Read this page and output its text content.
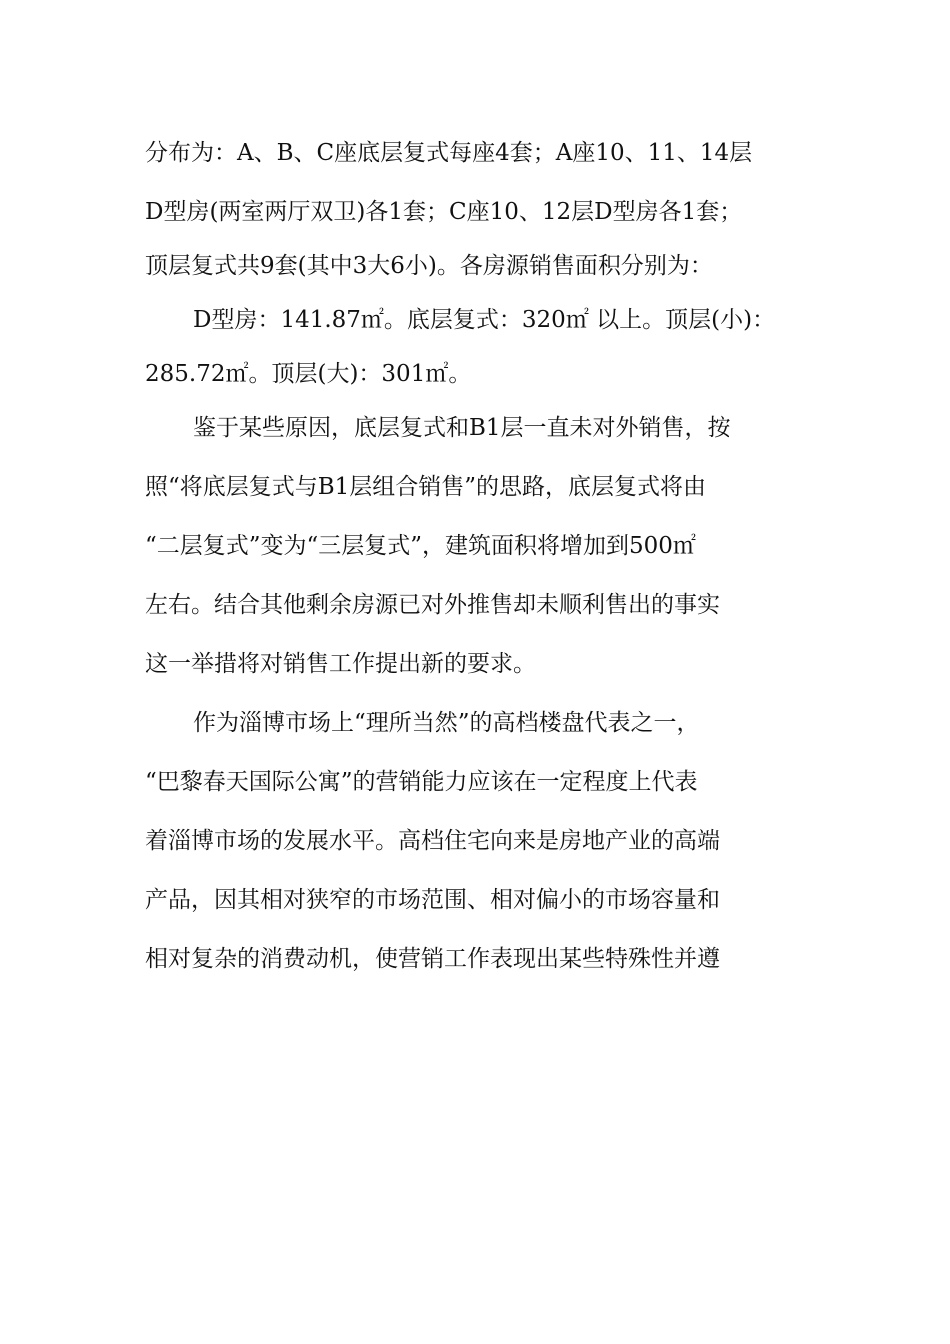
分布为：A、B、C座底层复式每座4套；A座10、11、14层
D型房(两室两厅双卫)各1套；C座10、12层D型房各1套；
顶层复式共9套(其中3大6小)。各房源销售面积分别为：
D型房：141.87㎡。底层复式：320㎡ 以上。顶层(小)：
285.72㎡。顶层(大)：301㎡。
鉴于某些原因，底层复式和B1层一直未对外销售，按
照“将底层复式与B1层组合销售”的思路，底层复式将由
“二层复式”变为“三层复式”，建筑面积将增加到500㎡
左右。结合其他剩余房源已对外推售却未顺利售出的事实
这一举措将对销售工作提出新的要求。
作为淄博市场上“理所当然”的高档楼盘代表之一，
“巴黎春天国际公寓”的营销能力应该在一定程度上代表
着淄博市场的发展水平。高档住宅向来是房地产业的高端
产品，因其相对狭窄的市场范围、相对偏小的市场容量和
相对复杂的消费动机，使营销工作表现出某些特殊性并遵
